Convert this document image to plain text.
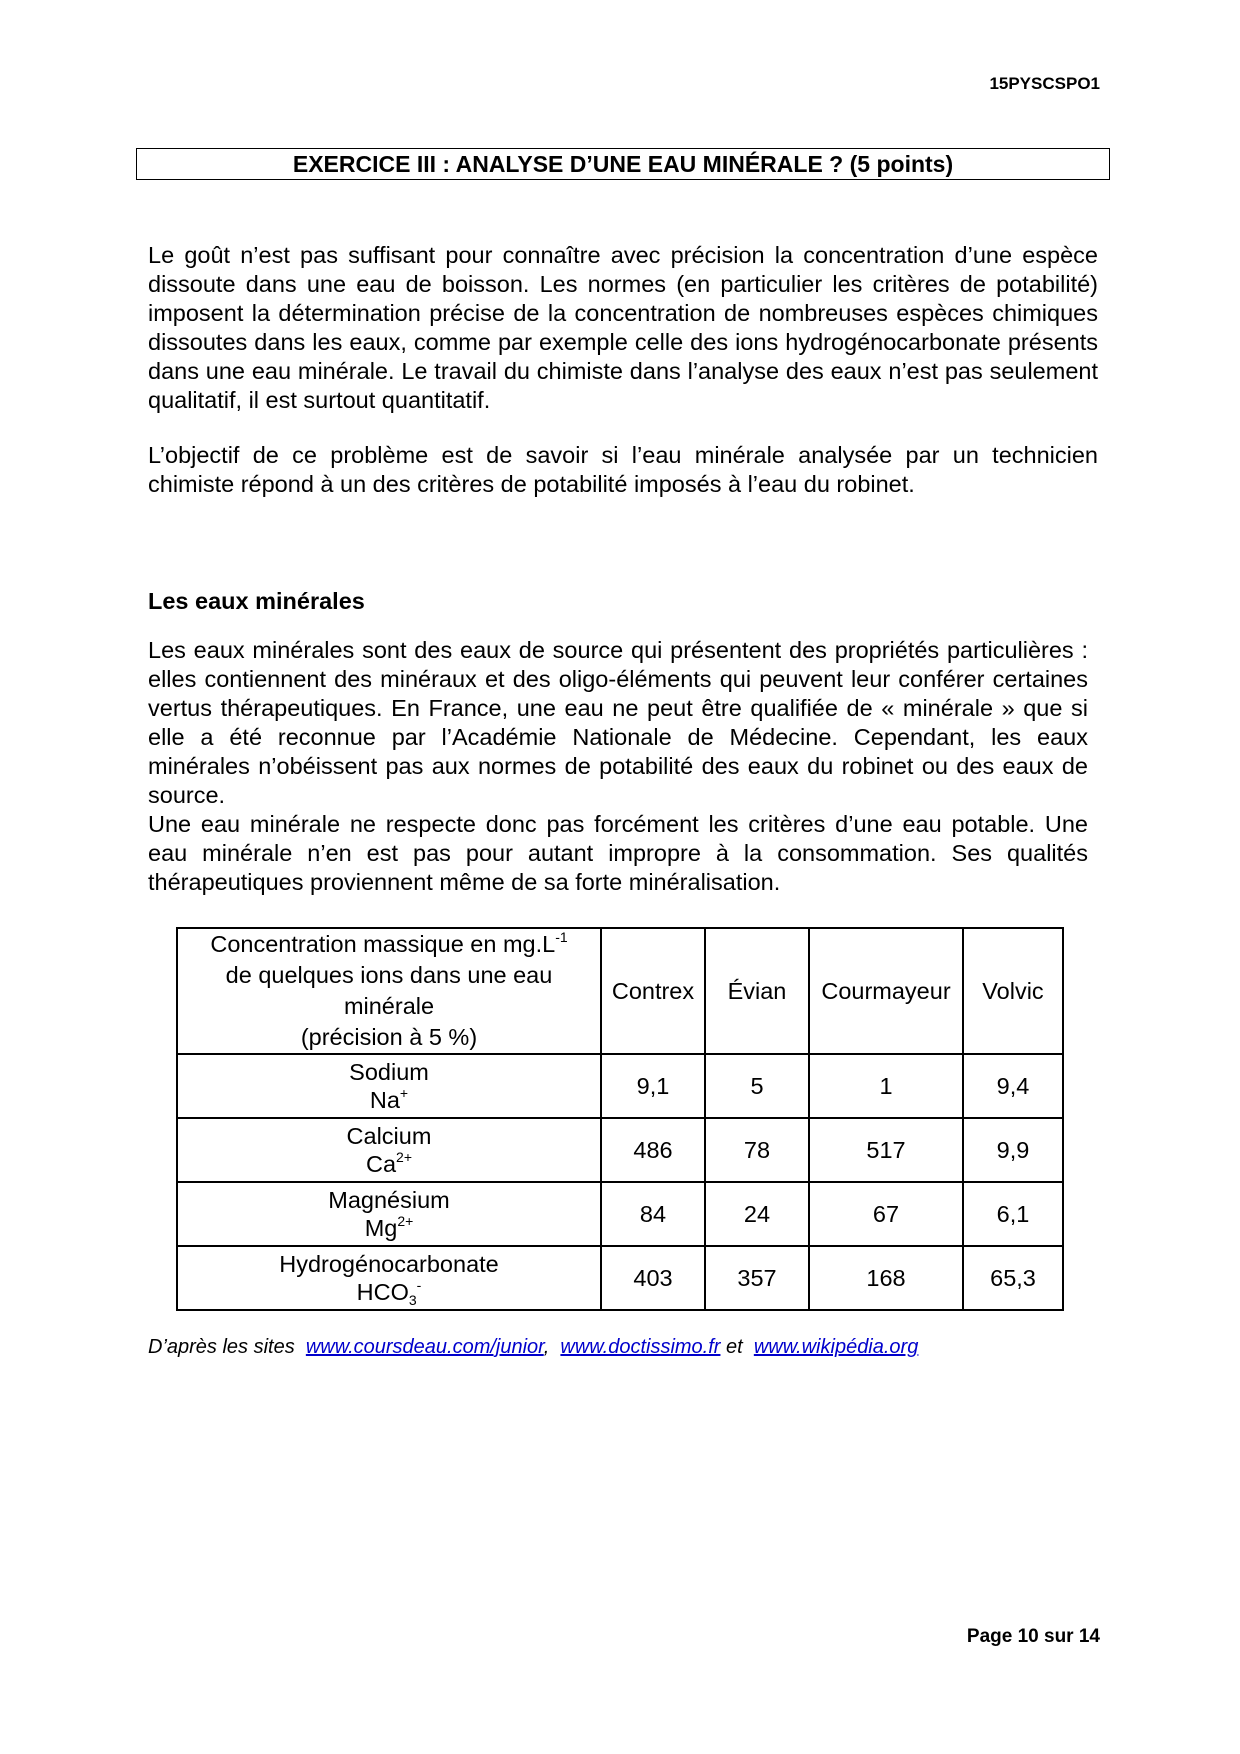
15PYSCSPO1
EXERCICE III : ANALYSE D’UNE EAU MINÉRALE ? (5 points)

Le goût n’est pas suffisant pour connaître avec précision la concentration d’une espèce dissoute dans une eau de boisson. Les normes (en particulier les critères de potabilité) imposent la détermination précise de la concentration de nombreuses espèces chimiques dissoutes dans les eaux, comme par exemple celle des ions hydrogénocarbonate présents dans une eau minérale. Le travail du chimiste dans l’analyse des eaux n’est pas seulement qualitatif, il est surtout quantitatif.

L’objectif de ce problème est de savoir si l’eau minérale analysée par un technicien chimiste répond à un des critères de potabilité imposés à l’eau du robinet.

Les eaux minérales

Les eaux minérales sont des eaux de source qui présentent des propriétés particulières : elles contiennent des minéraux et des oligo-éléments qui peuvent leur conférer certaines vertus thérapeutiques. En France, une eau ne peut être qualifiée de « minérale » que si elle a été reconnue par l’Académie Nationale de Médecine. Cependant, les eaux minérales n’obéissent pas aux normes de potabilité des eaux du robinet ou des eaux de source.
Une eau minérale ne respecte donc pas forcément les critères d’une eau potable. Une eau minérale n’en est pas pour autant impropre à la consommation. Ses qualités thérapeutiques proviennent même de sa forte minéralisation.

Concentration massique en $mg.L^{-1}$
de quelques ions dans une eau
minérale
(précision à 5 %)	Contrex	Évian	Courmayeur	Volvic

Sodium
Na+	9,1	5	1	9,4

Calcium
$Ca^{2+}$	486	78	517	9,9

Magnésium
$Mg^{2+}$	84	24	67	6,1

Hydrogénocarbonate
$HCO_3^-$	403	357	168	65,3
D’après les sites www.coursdeau.com/junior, www.doctissimo.fr et www.wikipédia.org
Page 10 sur 14
